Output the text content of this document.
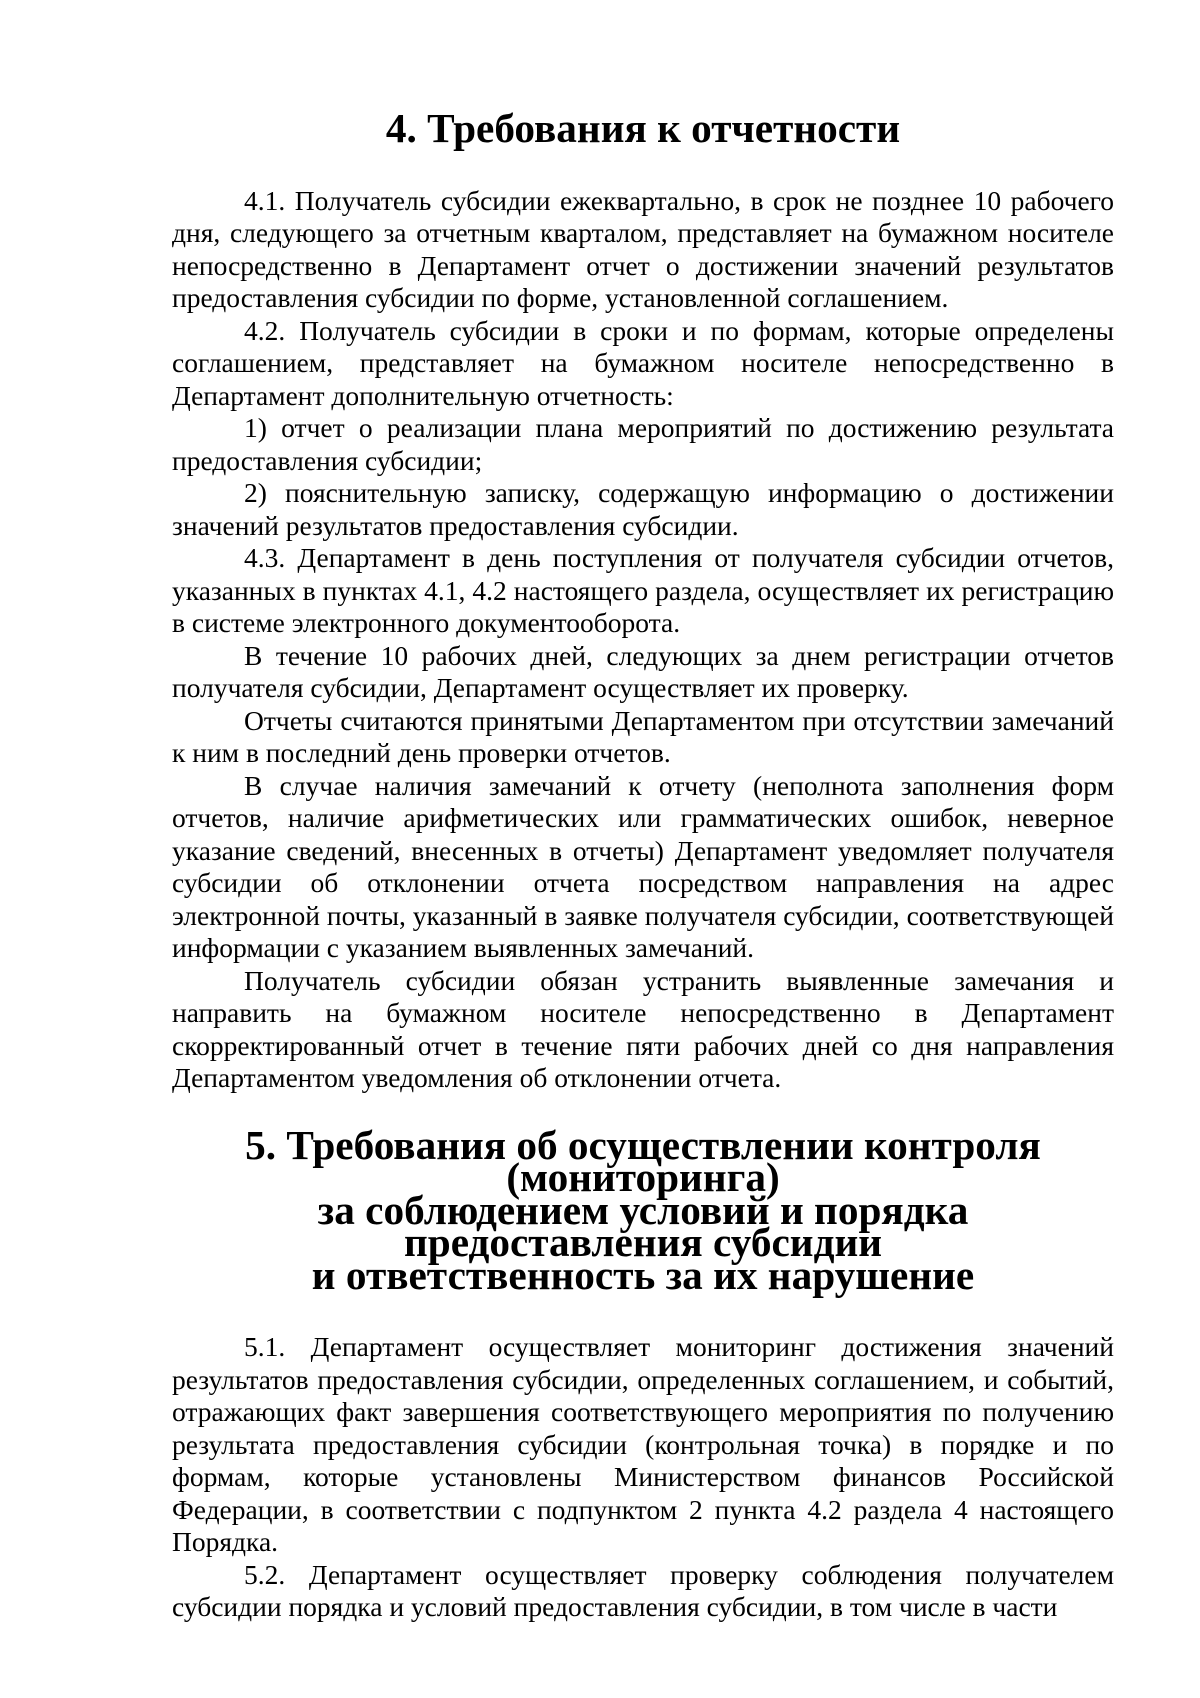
4. Требования к отчетности

4.1. Получатель субсидии ежеквартально, в срок не позднее 10 рабочего дня, следующего за отчетным кварталом, представляет на бумажном носителе непосредственно в Департамент отчет о достижении значений результатов предоставления субсидии по форме, установленной соглашением.

4.2. Получатель субсидии в сроки и по формам, которые определены соглашением, представляет на бумажном носителе непосредственно в Департамент дополнительную отчетность:

1) отчет о реализации плана мероприятий по достижению результата предоставления субсидии;

2) пояснительную записку, содержащую информацию о достижении значений результатов предоставления субсидии.

4.3. Департамент в день поступления от получателя субсидии отчетов, указанных в пунктах 4.1, 4.2 настоящего раздела, осуществляет их регистрацию в системе электронного документооборота.

В течение 10 рабочих дней, следующих за днем регистрации отчетов получателя субсидии, Департамент осуществляет их проверку.

Отчеты считаются принятыми Департаментом при отсутствии замечаний к ним в последний день проверки отчетов.

В случае наличия замечаний к отчету (неполнота заполнения форм отчетов, наличие арифметических или грамматических ошибок, неверное указание сведений, внесенных в отчеты) Департамент уведомляет получателя субсидии об отклонении отчета посредством направления на адрес электронной почты, указанный в заявке получателя субсидии, соответствующей информации с указанием выявленных замечаний.

Получатель субсидии обязан устранить выявленные замечания и направить на бумажном носителе непосредственно в Департамент скорректированный отчет в течение пяти рабочих дней со дня направления Департаментом уведомления об отклонении отчета.

5. Требования об осуществлении контроля (мониторинга)
за соблюдением условий и порядка предоставления субсидии
и ответственность за их нарушение

5.1. Департамент осуществляет мониторинг достижения значений результатов предоставления субсидии, определенных соглашением, и событий, отражающих факт завершения соответствующего мероприятия по получению результата предоставления субсидии (контрольная точка) в порядке и по формам, которые установлены Министерством финансов Российской Федерации, в соответствии с подпунктом 2 пункта 4.2 раздела 4 настоящего Порядка.

5.2. Департамент осуществляет проверку соблюдения получателем субсидии порядка и условий предоставления субсидии, в том числе в части
